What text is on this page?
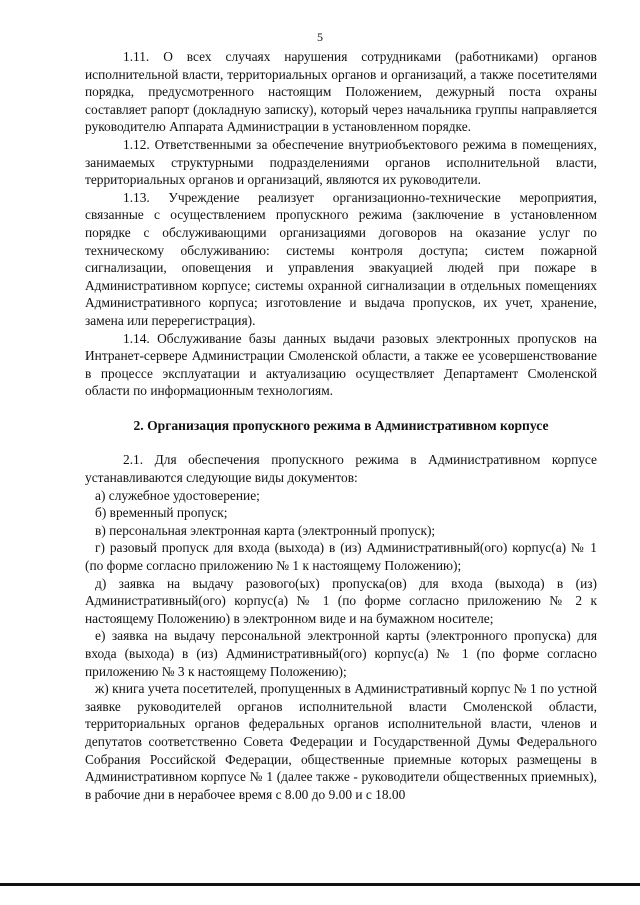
5

1.11. О всех случаях нарушения сотрудниками (работниками) органов исполнительной власти, территориальных органов и организаций, а также посетителями порядка, предусмотренного настоящим Положением, дежурный поста охраны составляет рапорт (докладную записку), который через начальника группы направляется руководителю Аппарата Администрации в установленном порядке.

1.12. Ответственными за обеспечение внутриобъектового режима в помещениях, занимаемых структурными подразделениями органов исполнительной власти, территориальных органов и организаций, являются их руководители.

1.13. Учреждение реализует организационно-технические мероприятия, связанные с осуществлением пропускного режима (заключение в установленном порядке с обслуживающими организациями договоров на оказание услуг по техническому обслуживанию: системы контроля доступа; систем пожарной сигнализации, оповещения и управления эвакуацией людей при пожаре в Административном корпусе; системы охранной сигнализации в отдельных помещениях Административного корпуса; изготовление и выдача пропусков, их учет, хранение, замена или перерегистрация).

1.14. Обслуживание базы данных выдачи разовых электронных пропусков на Интранет-сервере Администрации Смоленской области, а также ее усовершенствование в процессе эксплуатации и актуализацию осуществляет Департамент Смоленской области по информационным технологиям.

2. Организация пропускного режима в Административном корпусе

2.1. Для обеспечения пропускного режима в Административном корпусе устанавливаются следующие виды документов:

а) служебное удостоверение;

б) временный пропуск;

в) персональная электронная карта (электронный пропуск);

г) разовый пропуск для входа (выхода) в (из) Административный(ого) корпус(а) № 1 (по форме согласно приложению № 1 к настоящему Положению);

д) заявка на выдачу разового(ых) пропуска(ов) для входа (выхода) в (из) Административный(ого) корпус(а) № 1 (по форме согласно приложению № 2 к настоящему Положению) в электронном виде и на бумажном носителе;

е) заявка на выдачу персональной электронной карты (электронного пропуска) для входа (выхода) в (из) Административный(ого) корпус(а) № 1 (по форме согласно приложению № 3 к настоящему Положению);

ж) книга учета посетителей, пропущенных в Административный корпус № 1 по устной заявке руководителей органов исполнительной власти Смоленской области, территориальных органов федеральных органов исполнительной власти, членов и депутатов соответственно Совета Федерации и Государственной Думы Федерального Собрания Российской Федерации, общественные приемные которых размещены в Административном корпусе № 1 (далее также - руководители общественных приемных), в рабочие дни в нерабочее время с 8.00 до 9.00 и с 18.00
